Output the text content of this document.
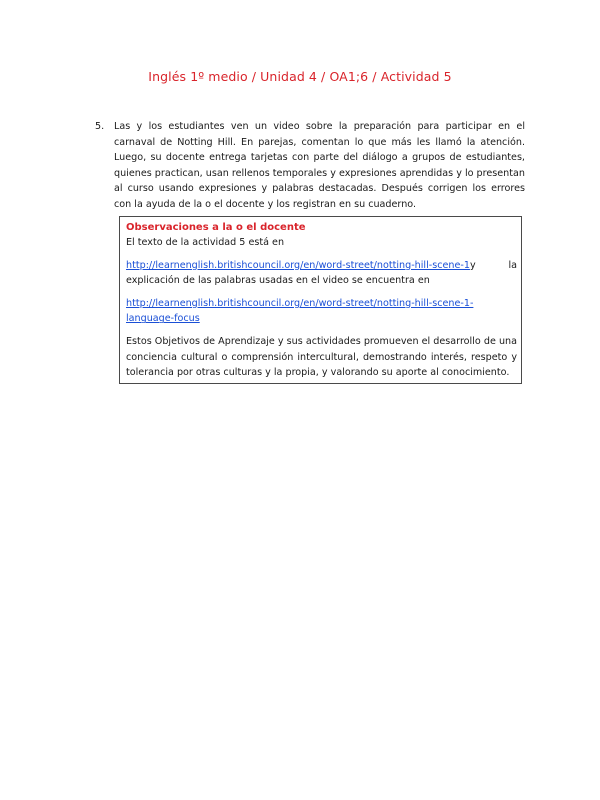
Inglés 1º medio / Unidad 4 / OA1;6 / Actividad 5
5.	Las y los estudiantes ven un video sobre la preparación para participar en el carnaval de Notting Hill. En parejas, comentan lo que más les llamó la atención. Luego, su docente entrega tarjetas con parte del diálogo a grupos de estudiantes, quienes practican, usan rellenos temporales y expresiones aprendidas y lo presentan al curso usando expresiones y palabras destacadas. Después corrigen los errores con la ayuda de la o el docente y los registran en su cuaderno.
Observaciones a la o el docente

El texto de la actividad 5 está en

http://learnenglish.britishcouncil.org/en/word-street/notting-hill-scene-1y la explicación de las palabras usadas en el video se encuentra en

http://learnenglish.britishcouncil.org/en/word-street/notting-hill-scene-1-language-focus

Estos Objetivos de Aprendizaje y sus actividades promueven el desarrollo de una conciencia cultural o comprensión intercultural, demostrando interés, respeto y tolerancia por otras culturas y la propia, y valorando su aporte al conocimiento.
